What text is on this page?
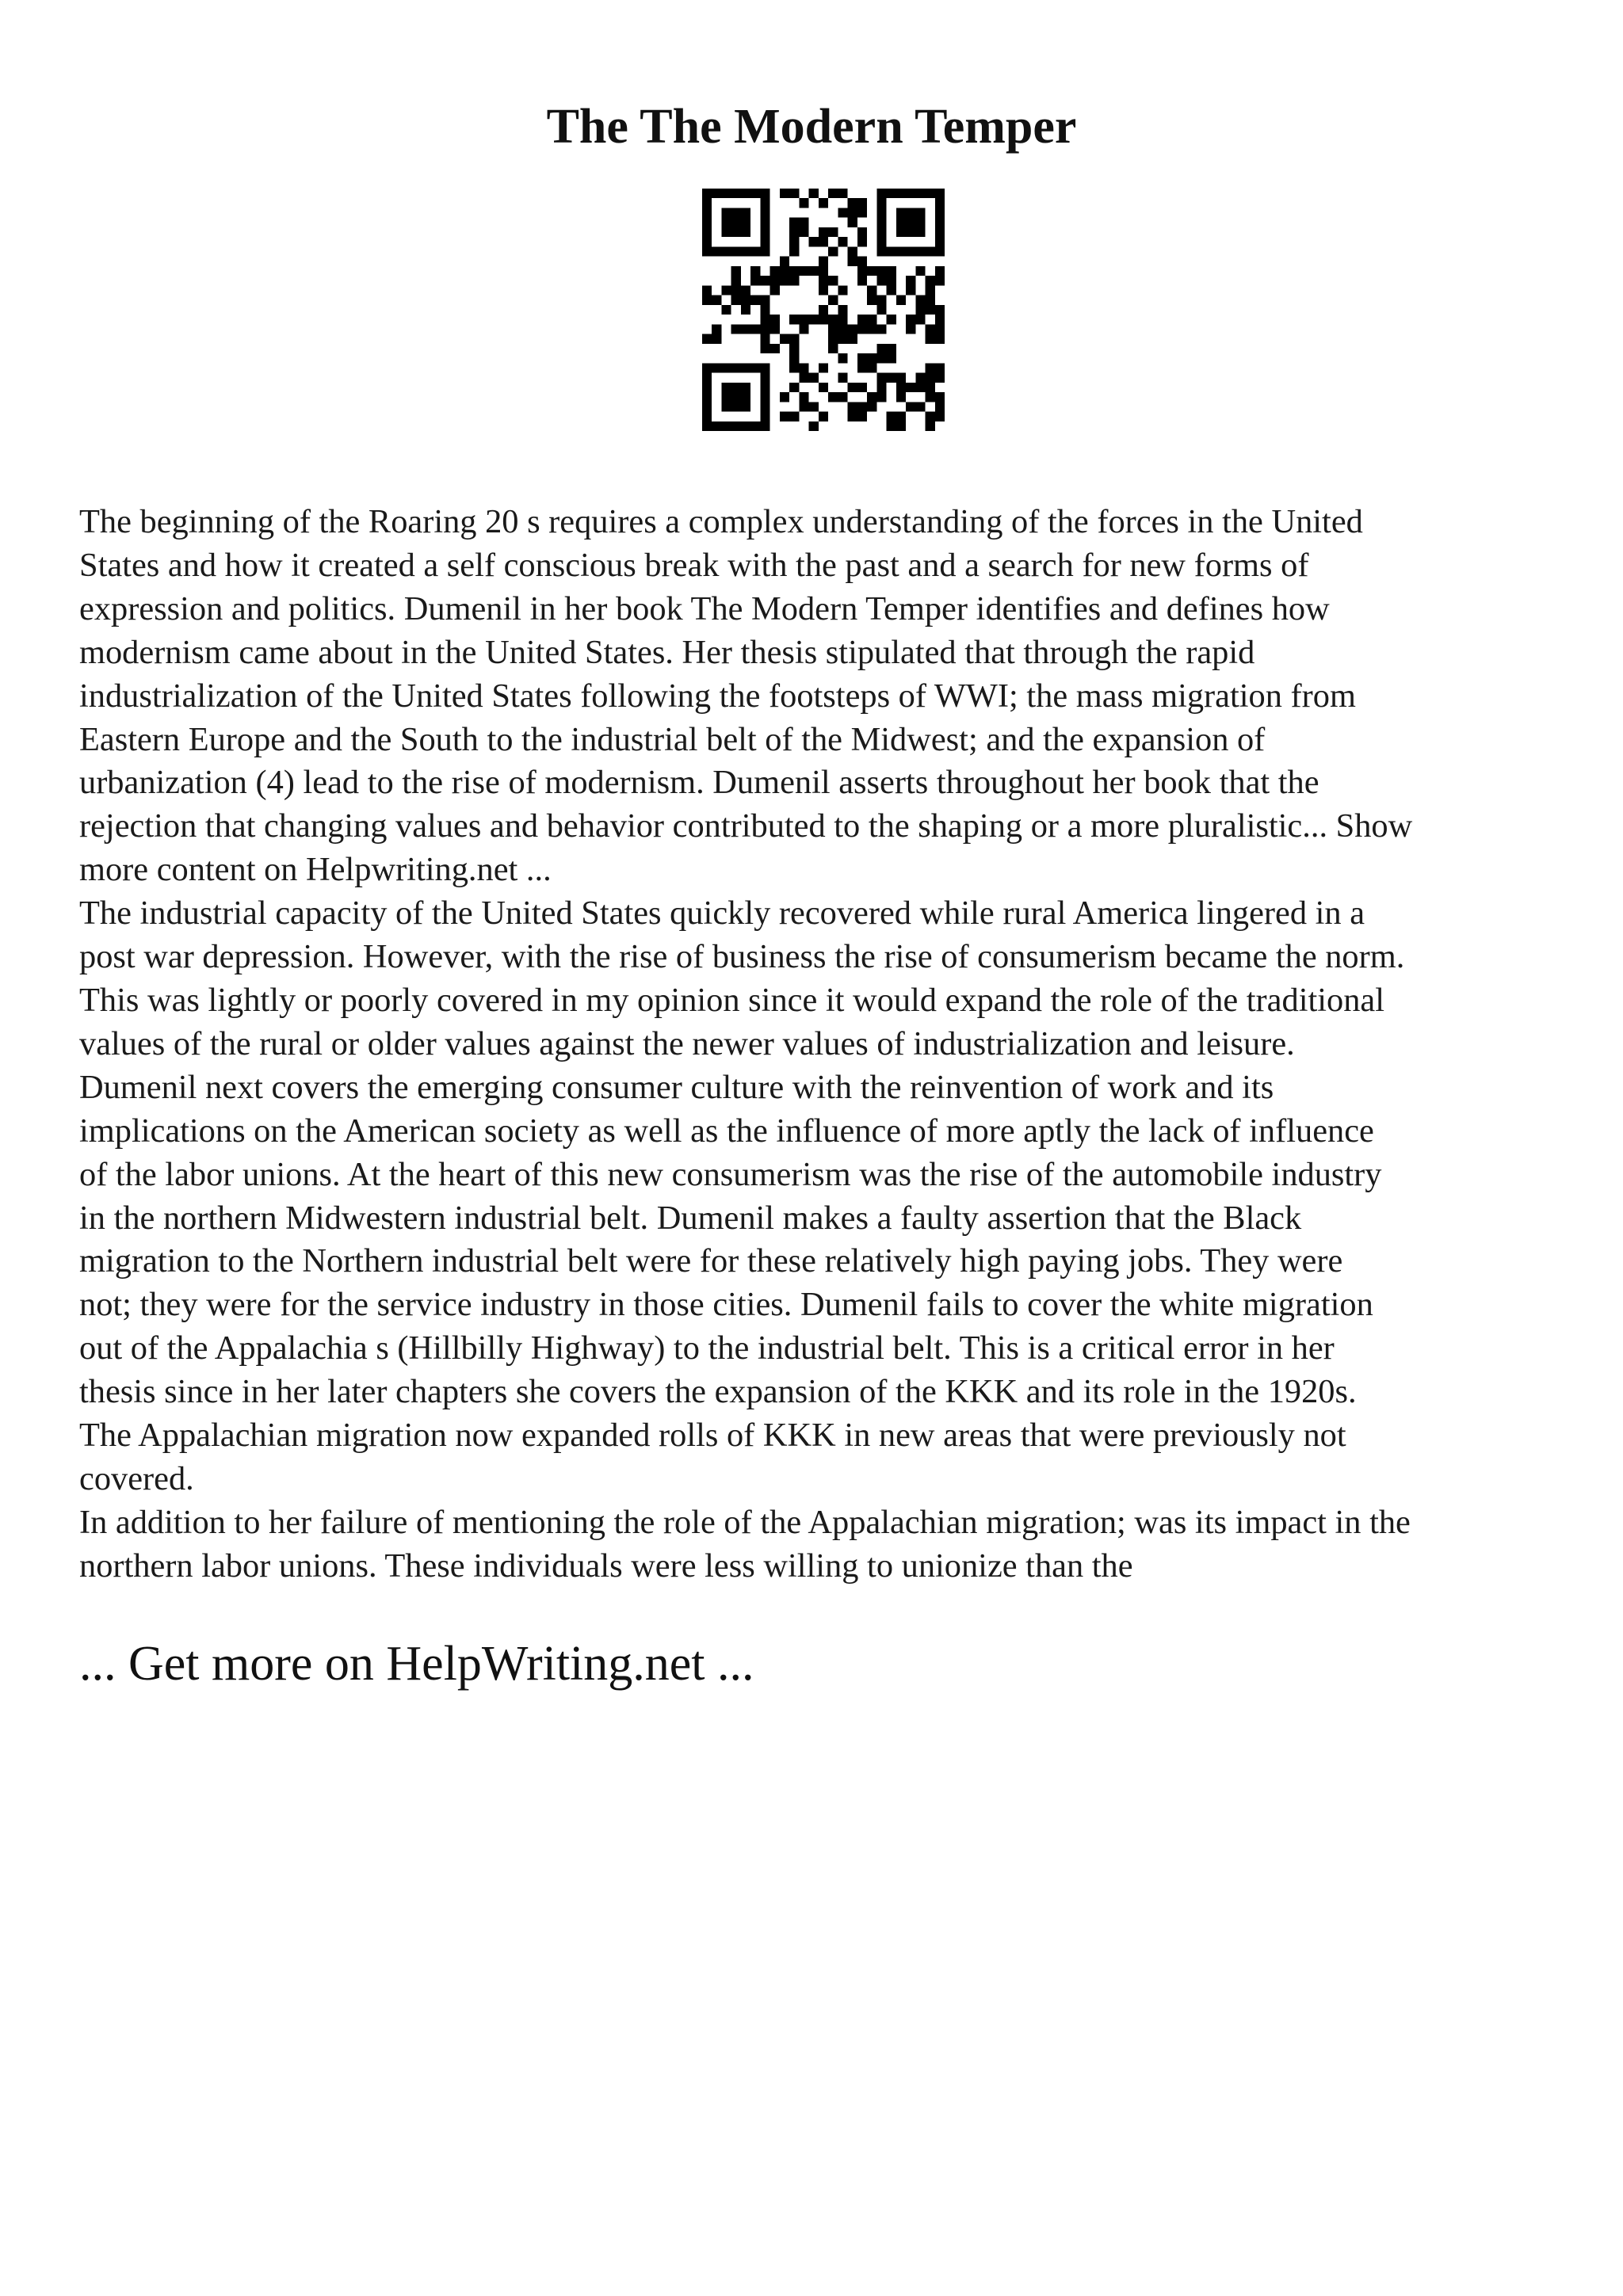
The The Modern Temper

The beginning of the Roaring 20 s requires a complex understanding of the forces in the United

States and how it created a self conscious break with the past and a search for new forms of

expression and politics. Dumenil in her book The Modern Temper identifies and defines how

modernism came about in the United States. Her thesis stipulated that through the rapid

industrialization of the United States following the footsteps of WWI; the mass migration from

Eastern Europe and the South to the industrial belt of the Midwest; and the expansion of

urbanization (4) lead to the rise of modernism. Dumenil asserts throughout her book that the

rejection that changing values and behavior contributed to the shaping or a more pluralistic... Show

more content on Helpwriting.net ...

The industrial capacity of the United States quickly recovered while rural America lingered in a

post war depression. However, with the rise of business the rise of consumerism became the norm.

This was lightly or poorly covered in my opinion since it would expand the role of the traditional

values of the rural or older values against the newer values of industrialization and leisure.

Dumenil next covers the emerging consumer culture with the reinvention of work and its

implications on the American society as well as the influence of more aptly the lack of influence

of the labor unions. At the heart of this new consumerism was the rise of the automobile industry

in the northern Midwestern industrial belt. Dumenil makes a faulty assertion that the Black

migration to the Northern industrial belt were for these relatively high paying jobs. They were

not; they were for the service industry in those cities. Dumenil fails to cover the white migration

out of the Appalachia s (Hillbilly Highway) to the industrial belt. This is a critical error in her

thesis since in her later chapters she covers the expansion of the KKK and its role in the 1920s.

The Appalachian migration now expanded rolls of KKK in new areas that were previously not

covered.

In addition to her failure of mentioning the role of the Appalachian migration; was its impact in the

northern labor unions. These individuals were less willing to unionize than the

... Get more on HelpWriting.net ...
